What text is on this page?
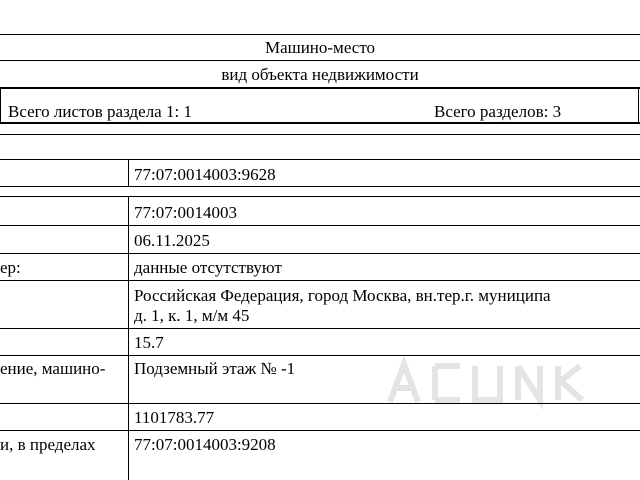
Машино-место
вид объекта недвижимости
Всего листов раздела 1: 1	Всего разделов: 3
77:07:0014003:9628
77:07:0014003
06.11.2025
ер:	данные отсутствуют
Российская Федерация, город Москва, вн.тер.г. муниципа
д. 1, к. 1, м/м 45
15.7
ение, машино- Подземный этаж № -1
1101783.77
и, в пределах 77:07:0014003:9208
